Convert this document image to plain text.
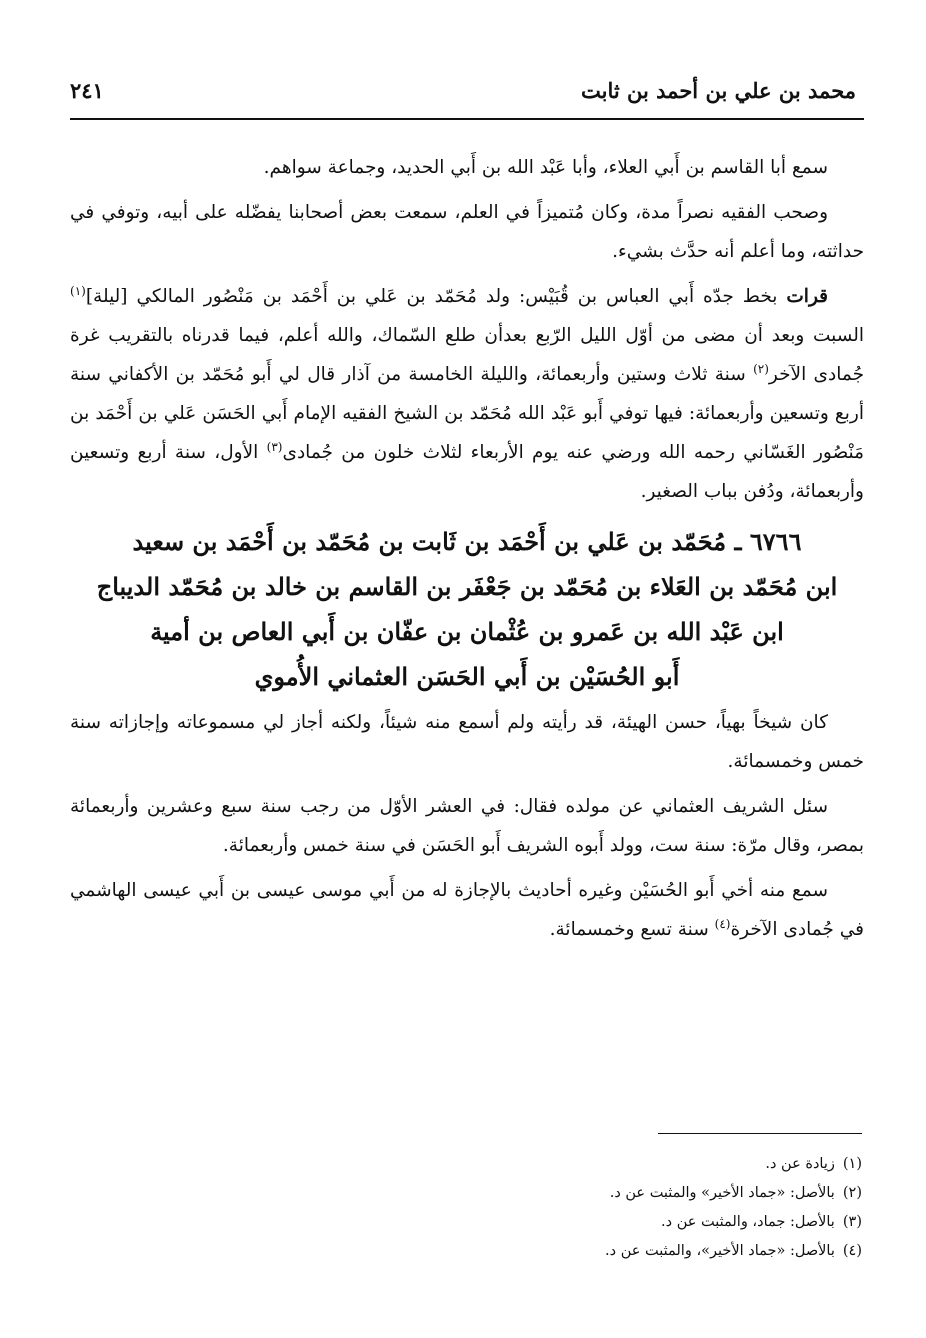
محمد بن علي بن أحمد بن ثابت
٢٤١

سمع أبا القاسم بن أَبي العلاء، وأبا عَبْد الله بن أَبي الحديد، وجماعة سواهم.

وصحب الفقيه نصراً مدة، وكان مُتميزاً في العلم، سمعت بعض أصحابنا يفضّله على أبيه، وتوفي في حداثته، وما أعلم أنه حدَّث بشيء.

قرات بخط جدّه أَبي العباس بن قُبَيْس: ولد مُحَمّد بن عَلي بن أَحْمَد بن مَنْصُور المالكي [ليلة]$^{(١)}$ السبت وبعد أن مضى من أوّل الليل الرّبع بعدأن طلع السّماك، والله أعلم، فيما قدرناه بالتقريب غرة جُمادى الآخر$^{(٢)}$ سنة ثلاث وستين وأربعمائة، والليلة الخامسة من آذار قال لي أَبو مُحَمّد بن الأكفاني سنة أربع وتسعين وأربعمائة: فيها توفي أَبو عَبْد الله مُحَمّد بن الشيخ الفقيه الإمام أَبي الحَسَن عَلي بن أَحْمَد بن مَنْصُور الغَسّاني رحمه الله ورضي عنه يوم الأربعاء لثلاث خلون من جُمادى$^{(٣)}$ الأول، سنة أربع وتسعين وأربعمائة، ودُفن بباب الصغير.

٦٧٦٦ ـ مُحَمّد بن عَلي بن أَحْمَد بن ثَابت بن مُحَمّد بن أَحْمَد بن سعيد
ابن مُحَمّد بن العَلاء بن مُحَمّد بن جَعْفَر بن القاسم بن خالد بن مُحَمّد الديباج
ابن عَبْد الله بن عَمرو بن عُثْمان بن عفّان بن أَبي العاص بن أمية
أَبو الحُسَيْن بن أَبي الحَسَن العثماني الأُموي

كان شيخاً بهياً، حسن الهيئة، قد رأيته ولم أسمع منه شيئاً، ولكنه أجاز لي مسموعاته وإجازاته سنة خمس وخمسمائة.

سئل الشريف العثماني عن مولده فقال: في العشر الأوّل من رجب سنة سبع وعشرين وأربعمائة بمصر، وقال مرّة: سنة ست، وولد أَبوه الشريف أَبو الحَسَن في سنة خمس وأربعمائة.

سمع منه أخي أَبو الحُسَيْن وغيره أحاديث بالإجازة له من أَبي موسى عيسى بن أَبي عيسى الهاشمي في جُمادى الآخرة$^{(٤)}$ سنة تسع وخمسمائة.

(١)زيادة عن د.
(٢)بالأصل: «جماد الأخير» والمثبت عن د.
(٣)بالأصل: جماد، والمثبت عن د.
(٤)بالأصل: «جماد الأخير»، والمثبت عن د.
